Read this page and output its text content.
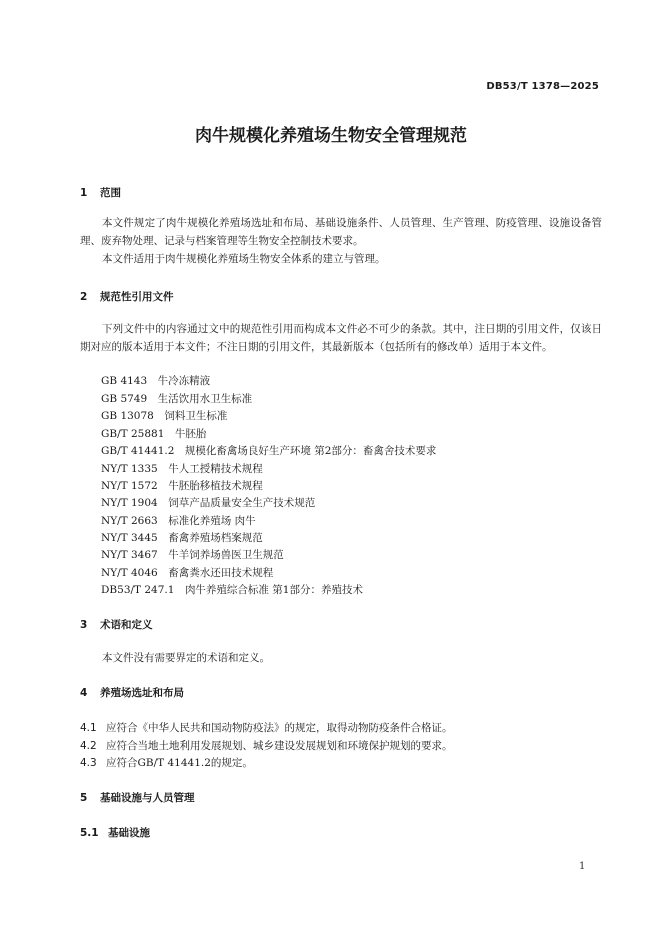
DB53/T 1378—2025
肉牛规模化养殖场生物安全管理规范
1 范围
本文件规定了肉牛规模化养殖场选址和布局、基础设施条件、人员管理、生产管理、防疫管理、设施设备管理、废弃物处理、记录与档案管理等生物安全控制技术要求。
本文件适用于肉牛规模化养殖场生物安全体系的建立与管理。
2 规范性引用文件
下列文件中的内容通过文中的规范性引用而构成本文件必不可少的条款。其中，注日期的引用文件，仅该日期对应的版本适用于本文件；不注日期的引用文件，其最新版本（包括所有的修改单）适用于本文件。
GB 4143　 牛冷冻精液
GB 5749　 生活饮用水卫生标准
GB 13078　 饲料卫生标准
GB/T 25881　 牛胚胎
GB/T 41441.2　 规模化畜禽场良好生产环境 第2部分：畜禽舍技术要求
NY/T 1335　 牛人工授精技术规程
NY/T 1572　 牛胚胎移植技术规程
NY/T 1904　 饲草产品质量安全生产技术规范
NY/T 2663　 标准化养殖场 肉牛
NY/T 3445　 畜禽养殖场档案规范
NY/T 3467　 牛羊饲养场兽医卫生规范
NY/T 4046　 畜禽粪水还田技术规程
DB53/T 247.1　 肉牛养殖综合标准 第1部分：养殖技术
3 术语和定义
本文件没有需要界定的术语和定义。
4 养殖场选址和布局
4.1 应符合《中华人民共和国动物防疫法》的规定，取得动物防疫条件合格证。
4.2 应符合当地土地利用发展规划、城乡建设发展规划和环境保护规划的要求。
4.3 应符合GB/T 41441.2的规定。
5 基础设施与人员管理
5.1 基础设施
1
